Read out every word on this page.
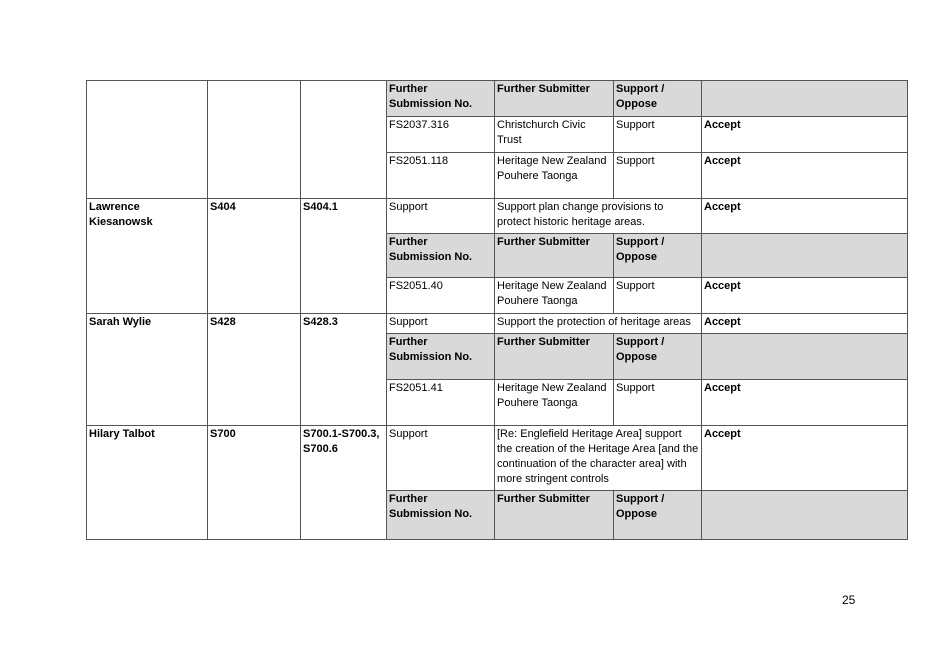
			Further Submission No.	Further Submitter	Support / Oppose	
			FS2037.316	Christchurch Civic Trust	Support	Accept
			FS2051.118	Heritage New Zealand Pouhere Taonga	Support	Accept
Lawrence Kiesanowsk	S404	S404.1	Support	Support plan change provisions to protect historic heritage areas.		Accept
			Further Submission No.	Further Submitter	Support / Oppose	
			FS2051.40	Heritage New Zealand Pouhere Taonga	Support	Accept
Sarah Wylie	S428	S428.3	Support	Support the protection of heritage areas		Accept
			Further Submission No.	Further Submitter	Support / Oppose	
			FS2051.41	Heritage New Zealand Pouhere Taonga	Support	Accept
Hilary Talbot	S700	S700.1-S700.3, S700.6	Support	[Re: Englefield Heritage Area] support the creation of the Heritage Area [and the continuation of the character area] with more stringent controls		Accept
			Further Submission No.	Further Submitter	Support / Oppose	
25
